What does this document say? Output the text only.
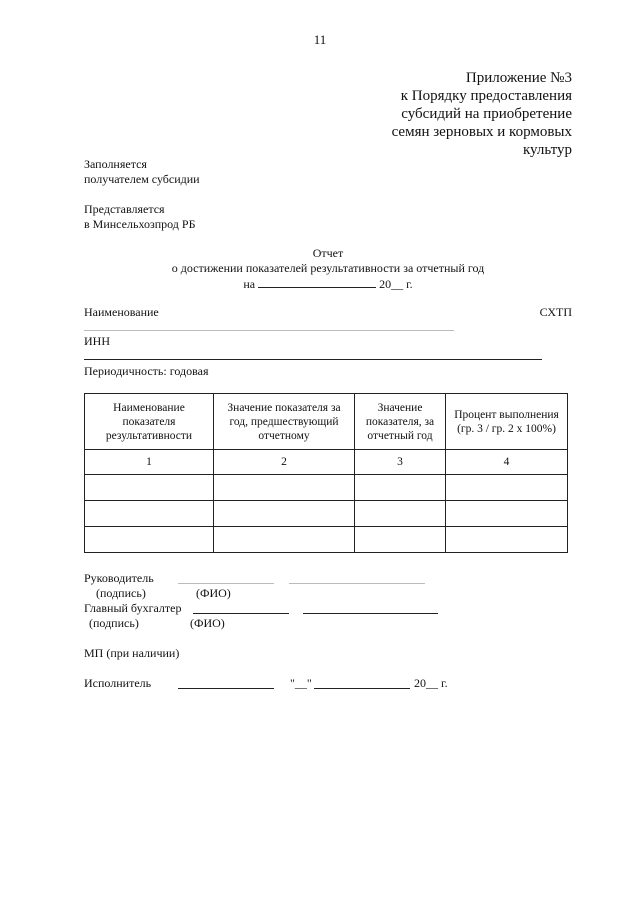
11
Приложение №3
к Порядку предоставления
субсидий на приобретение
семян зерновых и кормовых
культур
Заполняется
получателем субсидии
Представляется
в Минсельхозпрод РБ
Отчет
о достижении показателей результативности за отчетный год
на	20__ г.
Наименование	СХТП
ИНН
Периодичность: годовая
Наименование показателя результативности	Значение показателя за год, предшествующий отчетному	Значение показателя, за отчетный год	Процент выполнения (гр. 3 / гр. 2 х 100%)
1	2	3	4

Руководитель
(подпись)	(ФИО)
Главный бухгалтер
(подпись)	(ФИО)
МП (при наличии)
Исполнитель	"__"	20__ г.
